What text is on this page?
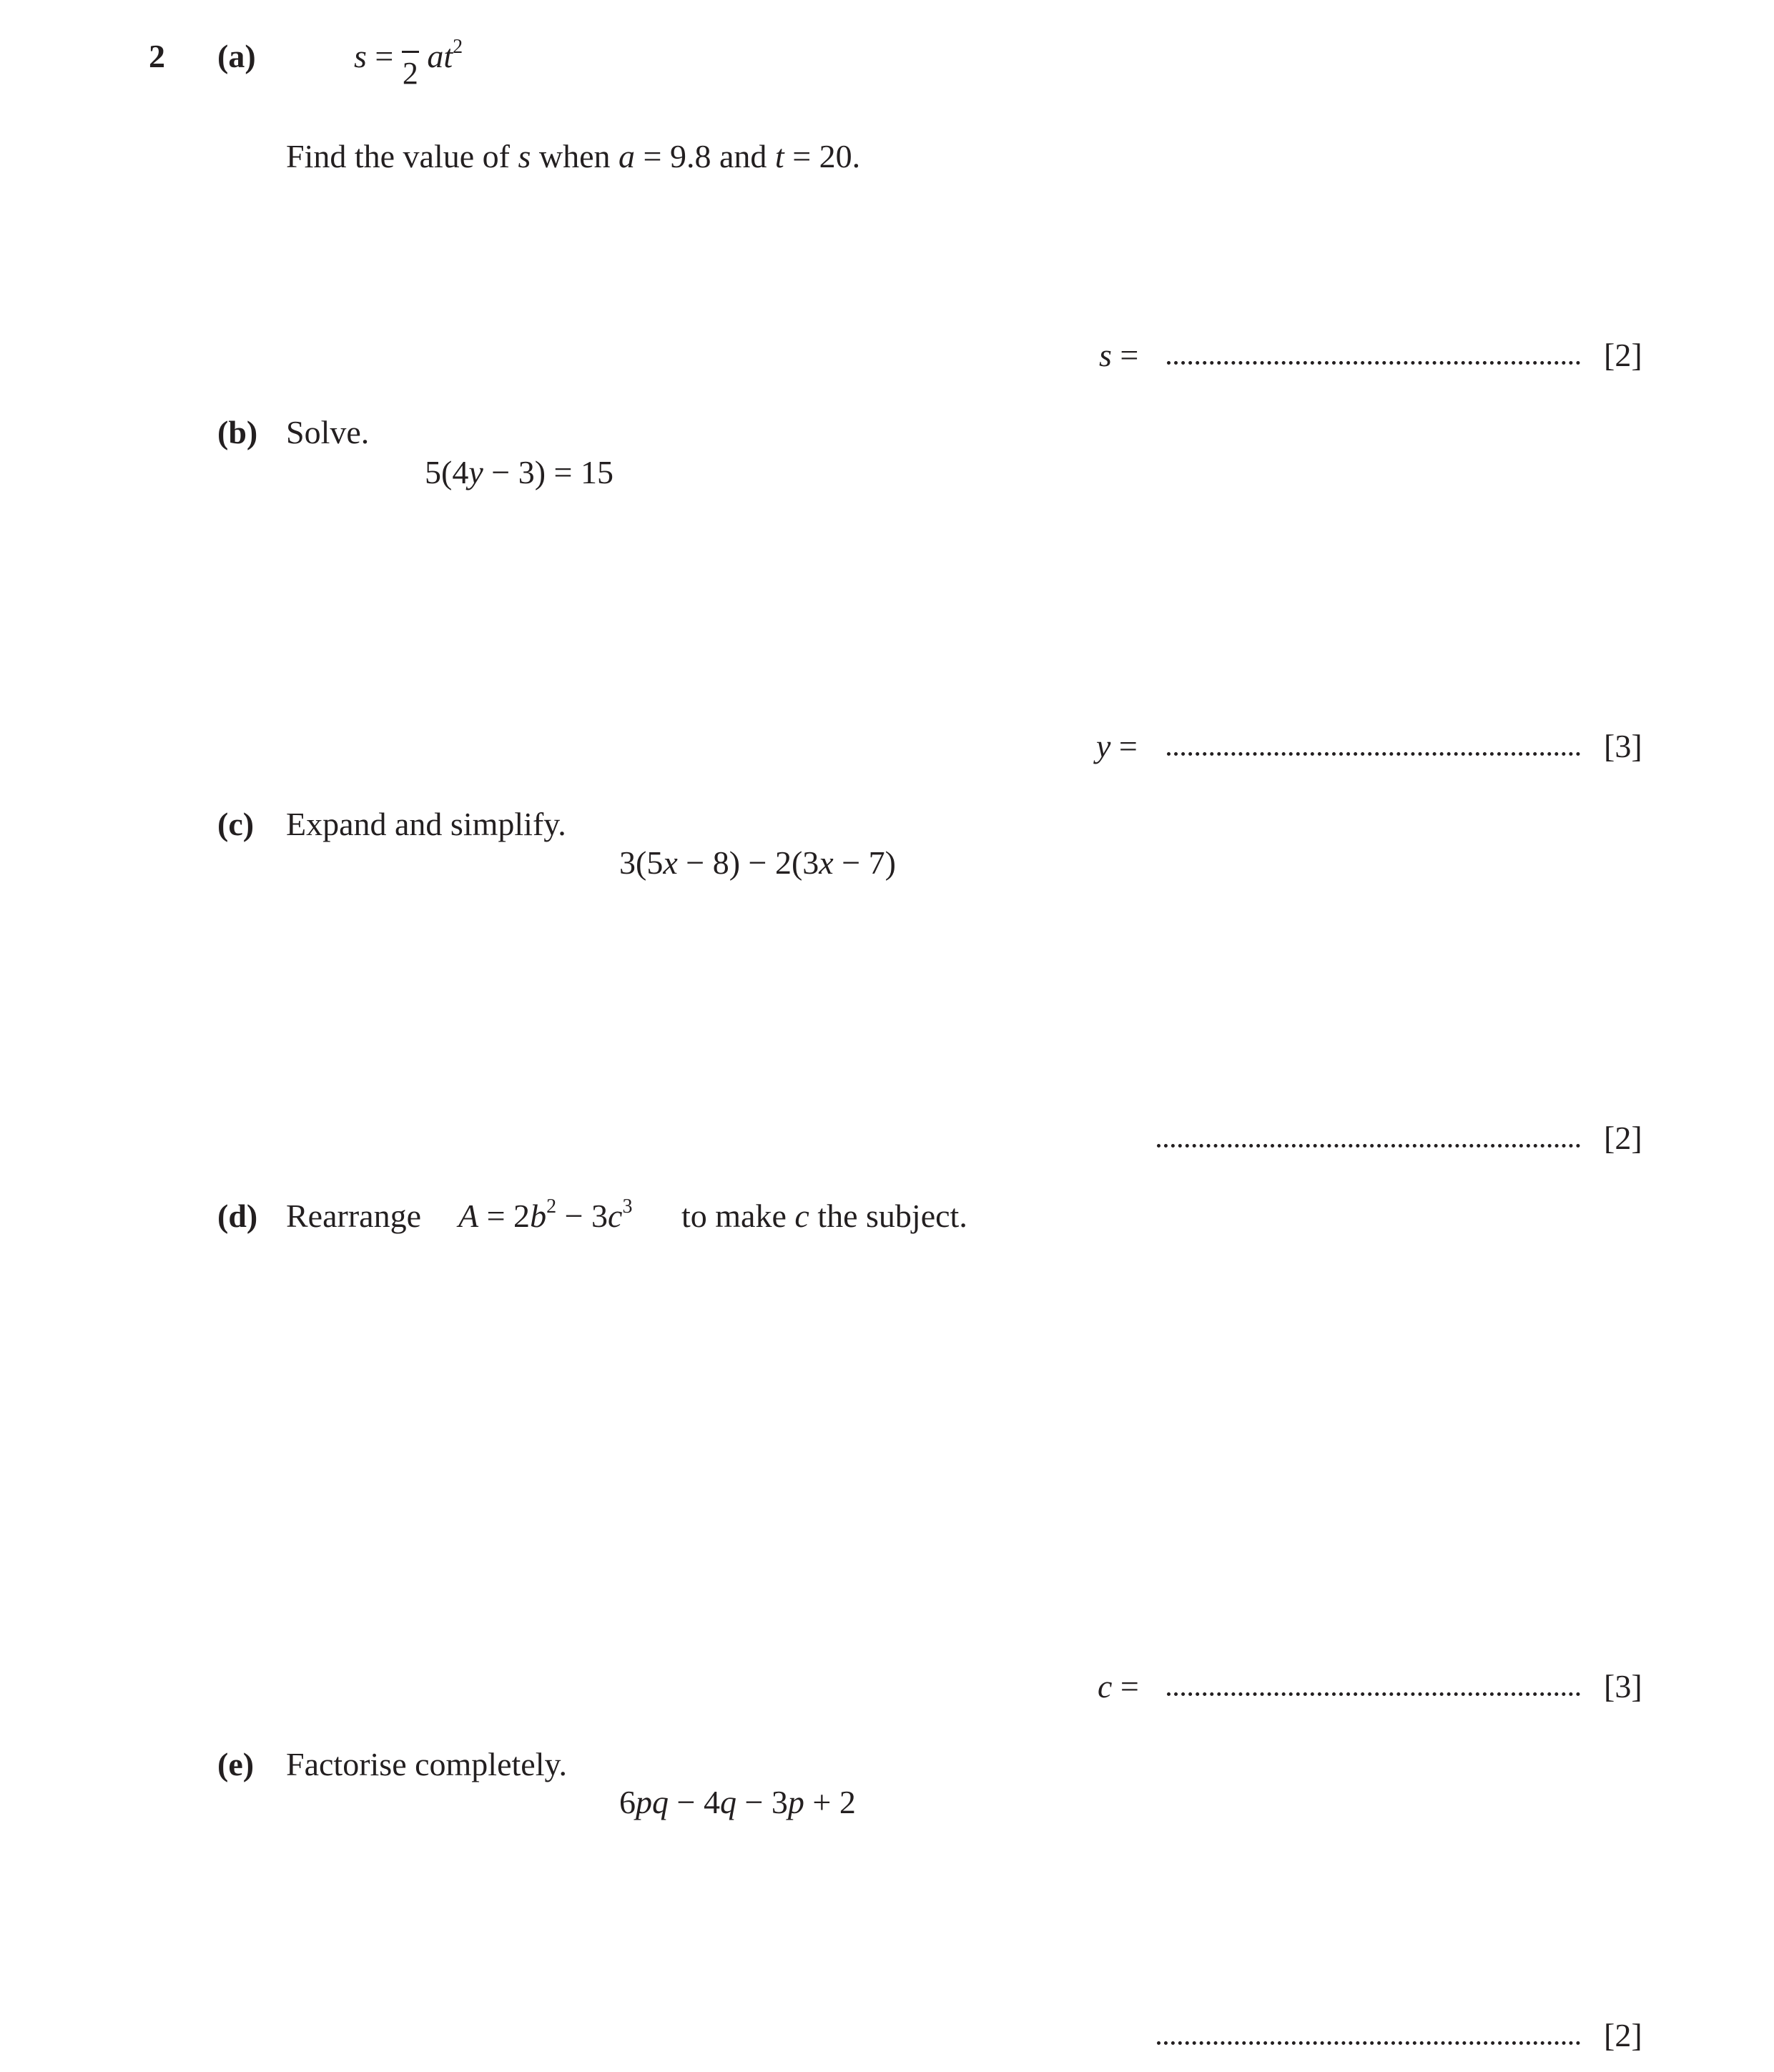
2 (a)	s = 2 $at^2$
Find the value of s when a = 9.8 and t = 20.
s =	[2]
(b) Solve.
5(4y − 3) = 15
y =	[3]
(c) Expand and simplify.
3(5x − 8) − 2(3x − 7)
[2]
(d) Rearrange $A = 2b^2 - 3c^3$ to make c the subject.
c =	[3]
(e) Factorise completely.
6pq − 4q − 3p + 2
[2]
